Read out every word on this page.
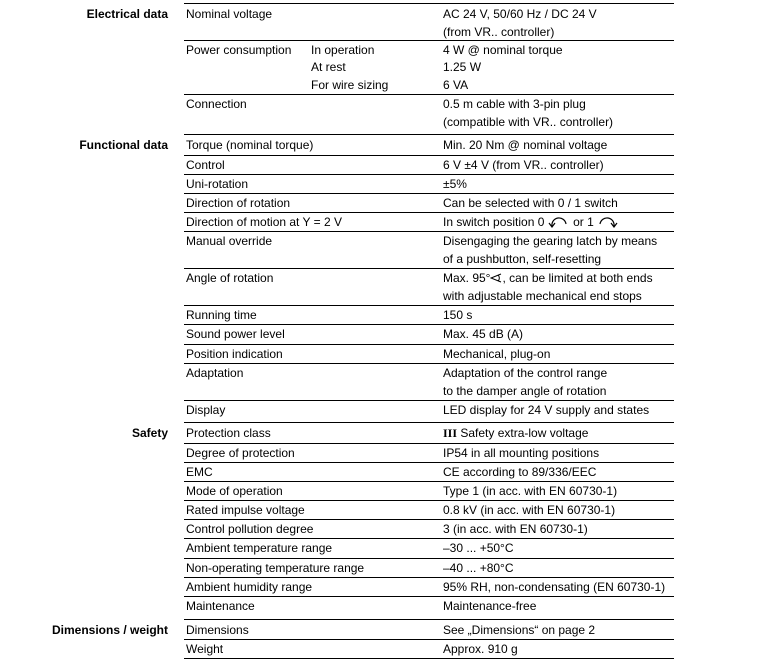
Electrical data Nominal voltage	AC 24 V, 50/60 Hz / DC 24 V
(from VR.. controller)
Power consumption In operation	4 W @ nominal torque
At rest	1.25 W
For wire sizing	6 VA
Connection	0.5 m cable with 3-pin plug
(compatible with VR.. controller)
Functional data Torque (nominal torque)	Min. 20 Nm @ nominal voltage
Control	6 V ±4 V (from VR.. controller)
Uni-rotation	±5%
Direction of rotation	Can be selected with 0 / 1 switch
Direction of motion at Y = 2 V	In switch position 0 or 1
Manual override	Disengaging the gearing latch by means
of a pushbutton, self-resetting
Angle of rotation	Max. 95° , can be limited at both ends
with adjustable mechanical end stops
Running time	150 s
Sound power level	Max. 45 dB (A)
Position indication	Mechanical, plug-on
Adaptation	Adaptation of the control range
to the damper angle of rotation
Display	LED display for 24 V supply and states
Safety Protection class	III Safety extra-low voltage
Degree of protection	IP54 in all mounting positions
EMC	CE according to 89/336/EEC
Mode of operation	Type 1 (in acc. with EN 60730-1)
Rated impulse voltage	0.8 kV (in acc. with EN 60730-1)
Control pollution degree	3 (in acc. with EN 60730-1)
Ambient temperature range	–30 ... +50°C
Non-operating temperature range	–40 ... +80°C
Ambient humidity range	95% RH, non-condensating (EN 60730-1)
Maintenance	Maintenance-free
Dimensions / weight Dimensions	See „Dimensions“ on page 2
Weight	Approx. 910 g
